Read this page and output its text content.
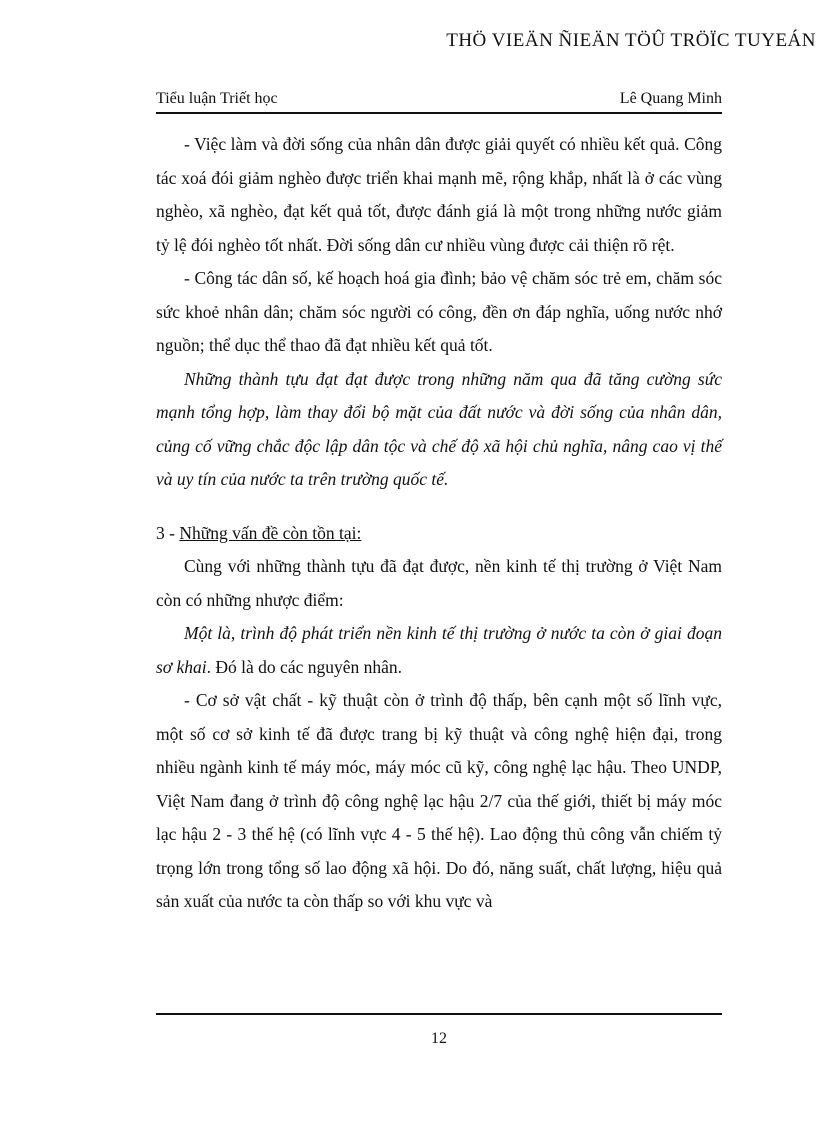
THÖ VIEÄN ÑIEÄN TÖÛ TRÖÏC TUYEÁN
Tiểu luận Triết học	Lê Quang Minh

- Việc làm và đời sống của nhân dân được giải quyết có nhiều kết quả. Công tác xoá đói giảm nghèo được triển khai mạnh mẽ, rộng khắp, nhất là ở các vùng nghèo, xã nghèo, đạt kết quả tốt, được đánh giá là một trong những nước giảm tỷ lệ đói nghèo tốt nhất. Đời sống dân cư nhiều vùng được cải thiện rõ rệt.

- Công tác dân số, kế hoạch hoá gia đình; bảo vệ chăm sóc trẻ em, chăm sóc sức khoẻ nhân dân; chăm sóc người có công, đền ơn đáp nghĩa, uống nước nhớ nguồn; thể dục thể thao đã đạt nhiều kết quả tốt.

Những thành tựu đạt đạt được trong những năm qua đã tăng cường sức mạnh tổng hợp, làm thay đổi bộ mặt của đất nước và đời sống của nhân dân, củng cố vững chắc độc lập dân tộc và chế độ xã hội chủ nghĩa, nâng cao vị thế và uy tín của nước ta trên trường quốc tế.

3 - Những vấn đề còn tồn tại:

Cùng với những thành tựu đã đạt được, nền kinh tế thị trường ở Việt Nam còn có những nhược điểm:

Một là, trình độ phát triển nền kinh tế thị trường ở nước ta còn ở giai đoạn sơ khai. Đó là do các nguyên nhân.

- Cơ sở vật chất - kỹ thuật còn ở trình độ thấp, bên cạnh một số lĩnh vực, một số cơ sở kinh tế đã được trang bị kỹ thuật và công nghệ hiện đại, trong nhiều ngành kinh tế máy móc, máy móc cũ kỹ, công nghệ lạc hậu. Theo UNDP, Việt Nam đang ở trình độ công nghệ lạc hậu 2/7 của thế giới, thiết bị máy móc lạc hậu 2 - 3 thế hệ (có lĩnh vực 4 - 5 thế hệ). Lao động thủ công vẫn chiếm tỷ trọng lớn trong tổng số lao động xã hội. Do đó, năng suất, chất lượng, hiệu quả sản xuất của nước ta còn thấp so với khu vực và

12
